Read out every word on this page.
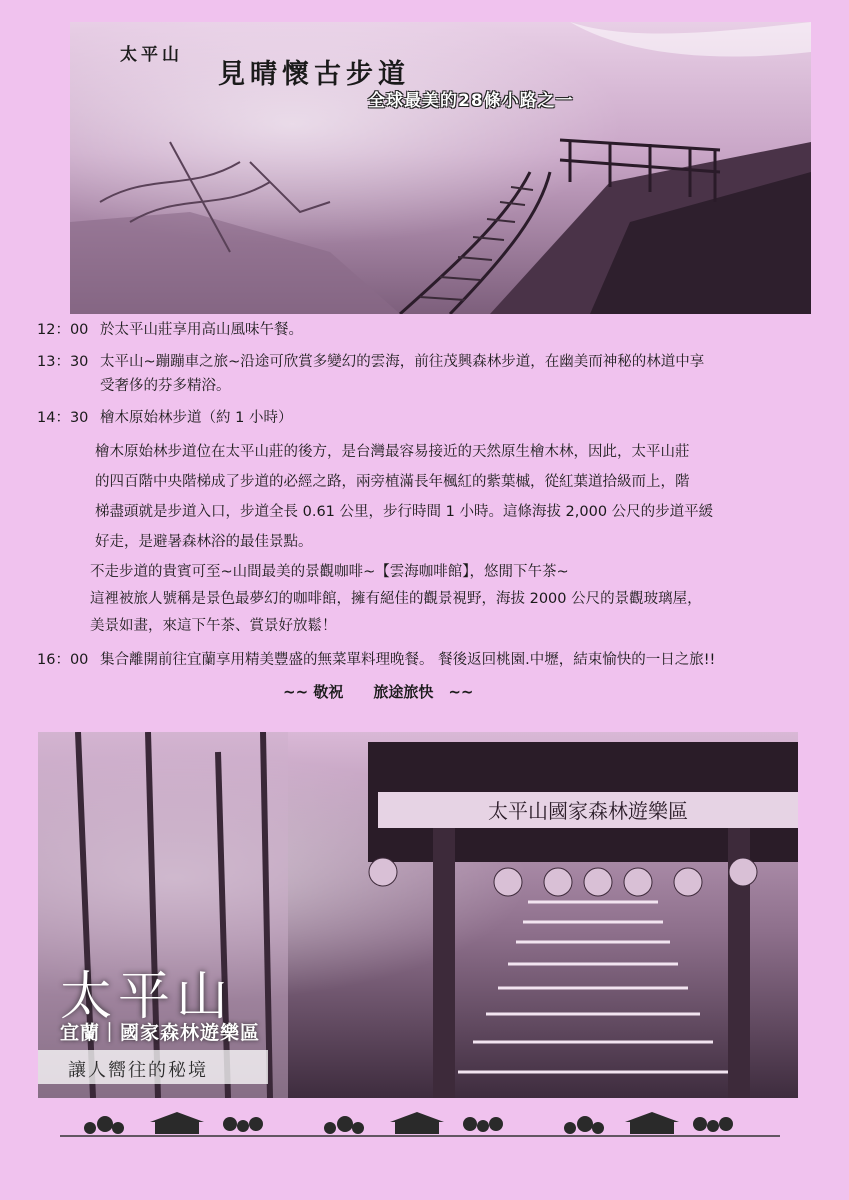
太平山
見晴懷古步道
全球最美的28條小路之一
12：00 於太平山莊享用高山風味午餐。
13：30 太平山~蹦蹦車之旅~沿途可欣賞多變幻的雲海，前往茂興森林步道，在幽美而神秘的林道中享
受奢侈的芬多精浴。
14：30 檜木原始林步道（約 1 小時）
檜木原始林步道位在太平山莊的後方，是台灣最容易接近的天然原生檜木林，因此，太平山莊
的四百階中央階梯成了步道的必經之路，兩旁植滿長年楓紅的紫葉槭，從紅葉道拾級而上，階
梯盡頭就是步道入口，步道全長 0.61 公里，步行時間 1 小時。這條海拔 2,000 公尺的步道平緩
好走，是避暑森林浴的最佳景點。
不走步道的貴賓可至~山間最美的景觀咖啡~【雲海咖啡館】，悠閒下午茶~
這裡被旅人號稱是景色最夢幻的咖啡館，擁有絕佳的觀景視野，海拔 2000 公尺的景觀玻璃屋，
美景如畫，來這下午茶、賞景好放鬆！
16：00 集合離開前往宜蘭享用精美豐盛的無菜單料理晚餐。 餐後返回桃園.中壢，結束愉快的一日之旅!!
~~ 敬祝　　旅途旅快　~~
太平山國家森林遊樂區
太平山
宜蘭｜國家森林遊樂區
讓人嚮往的秘境
